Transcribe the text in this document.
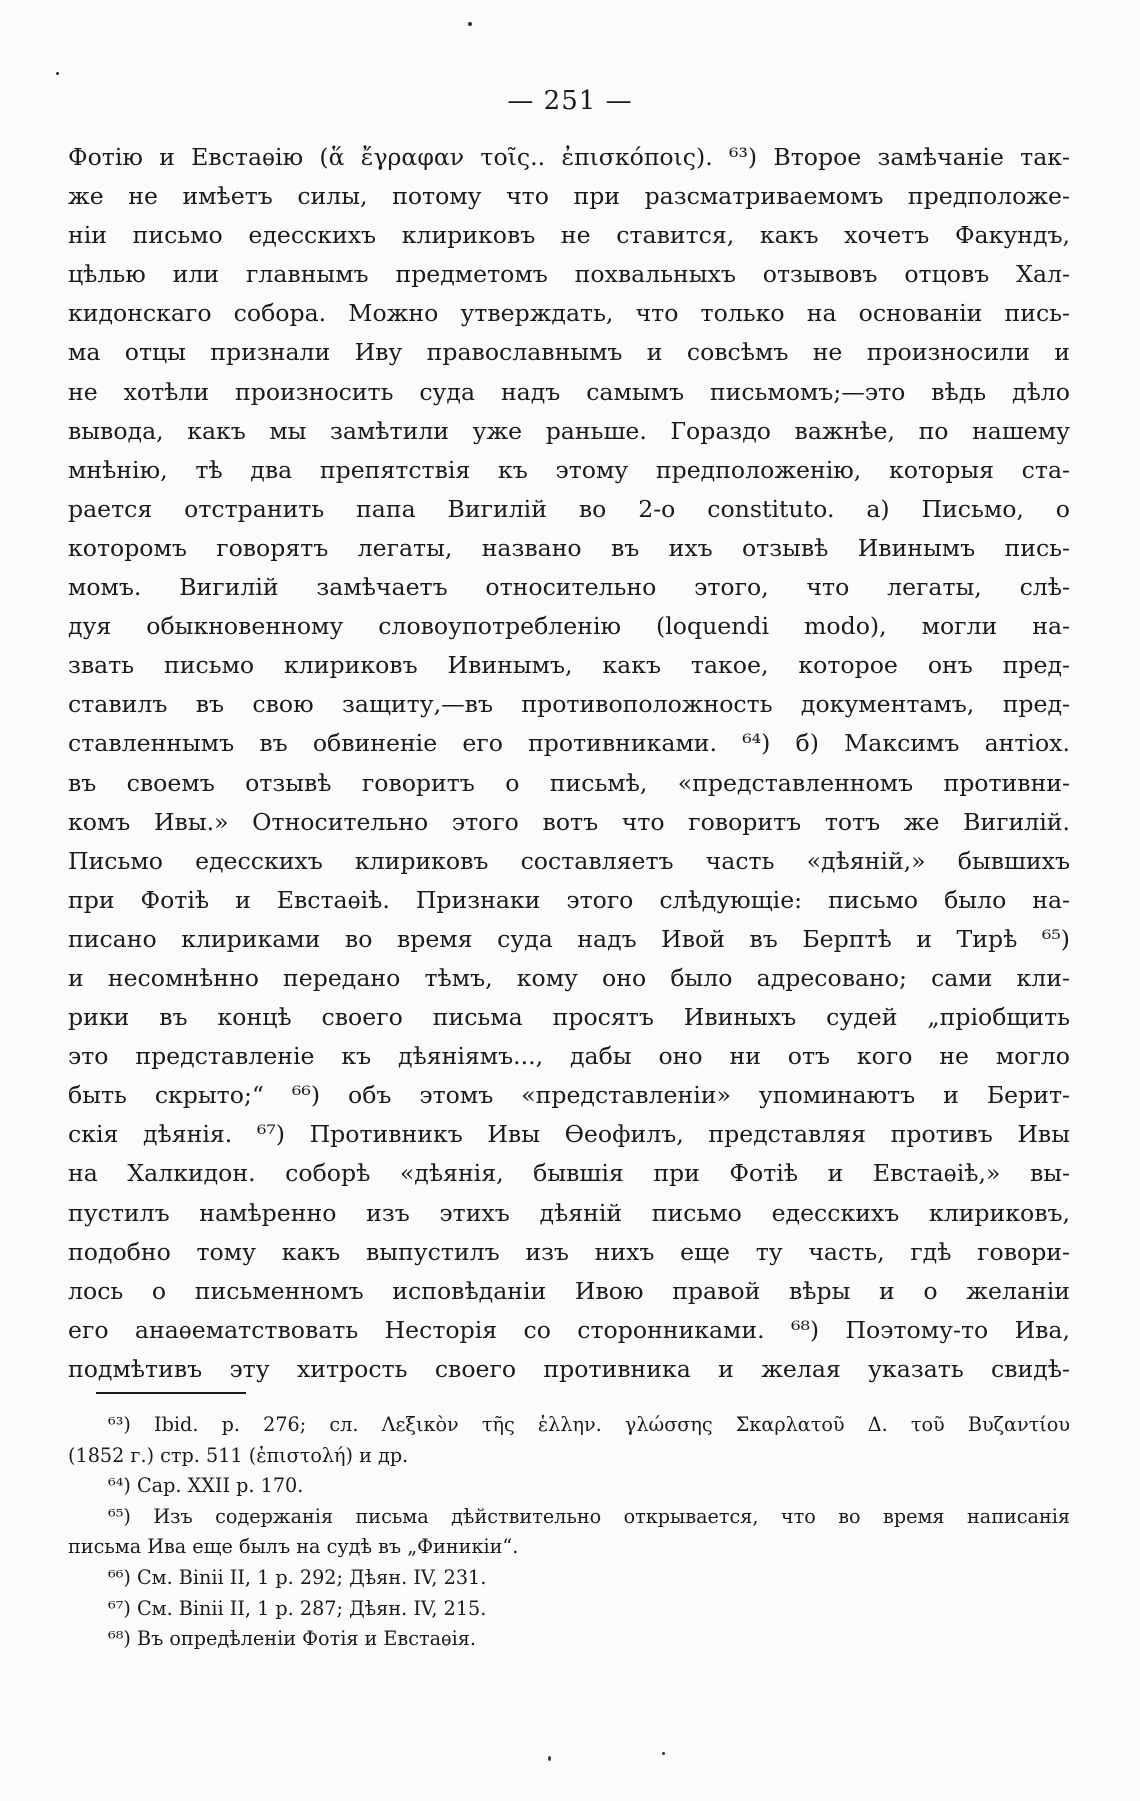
— 251 —
Фотію и Евстаѳію (ἅ ἔγραφαν τοῖς.. ἐπισκόποις). ⁶³) Второе замѣчаніе так-
же не имѣетъ силы, потому что при разсматриваемомъ предположе-
ніи письмо едесскихъ клириковъ не ставится, какъ хочетъ Факундъ,
цѣлью или главнымъ предметомъ похвальныхъ отзывовъ отцовъ Хал-
кидонскаго собора. Можно утверждать, что только на основаніи пись-
ма отцы признали Иву православнымъ и совсѣмъ не произносили и
не хотѣли произносить суда надъ самымъ письмомъ;—это вѣдь дѣло
вывода, какъ мы замѣтили уже раньше. Гораздо важнѣе, по нашему
мнѣнію, тѣ два препятствія къ этому предположенію, которыя ста-
рается отстранить папа Вигилій во 2-о constituto. а) Письмо, о
которомъ говорятъ легаты, названо въ ихъ отзывѣ Ивинымъ пись-
момъ. Вигилій замѣчаетъ относительно этого, что легаты, слѣ-
дуя обыкновенному словоупотребленію (loquendi modo), могли на-
звать письмо клириковъ Ивинымъ, какъ такое, которое онъ пред-
ставилъ въ свою защиту,—въ противоположность документамъ, пред-
ставленнымъ въ обвиненіе его противниками. ⁶⁴) б) Максимъ антіох.
въ своемъ отзывѣ говоритъ о письмѣ, «представленномъ противни-
комъ Ивы.» Относительно этого вотъ что говоритъ тотъ же Вигилій.
Письмо едесскихъ клириковъ составляетъ часть «дѣяній,» бывшихъ
при Фотіѣ и Евстаѳіѣ. Признаки этого слѣдующіе: письмо было на-
писано клириками во время суда надъ Ивой въ Берптѣ и Тирѣ ⁶⁵)
и несомнѣнно передано тѣмъ, кому оно было адресовано; сами кли-
рики въ концѣ своего письма просятъ Ивиныхъ судей „пріобщить
это представленіе къ дѣяніямъ..., дабы оно ни отъ кого не могло
быть скрыто;“ ⁶⁶) объ этомъ «представленіи» упоминаютъ и Берит-
скія дѣянія. ⁶⁷) Противникъ Ивы Ѳеофилъ, представляя противъ Ивы
на Халкидон. соборѣ «дѣянія, бывшія при Фотіѣ и Евстаѳіѣ,» вы-
пустилъ намѣренно изъ этихъ дѣяній письмо едесскихъ клириковъ,
подобно тому какъ выпустилъ изъ нихъ еще ту часть, гдѣ говори-
лось о письменномъ исповѣданіи Ивою правой вѣры и о желаніи
его анаѳематствовать Несторія со сторонниками. ⁶⁸) Поэтому-то Ива,
подмѣтивъ эту хитрость своего противника и желая указать свидѣ-
⁶³) Ibid. p. 276; сл. Λεξικὸν τῆς ἑλλην. γλώσσης Σκαρλατοῦ Δ. τοῦ Βυζαντίου
(1852 г.) стр. 511 (ἐπιστολή) и др.
⁶⁴) Cap. XXII p. 170.
⁶⁵) Изъ содержанія письма дѣйствительно открывается, что во время написанія
письма Ива еще былъ на судѣ въ „Финикіи“.
⁶⁶) См. Binii II, 1 p. 292; Дѣян. IV, 231.
⁶⁷) См. Binii II, 1 p. 287; Дѣян. IV, 215.
⁶⁸) Въ опредѣленіи Фотія и Евстаѳія.
